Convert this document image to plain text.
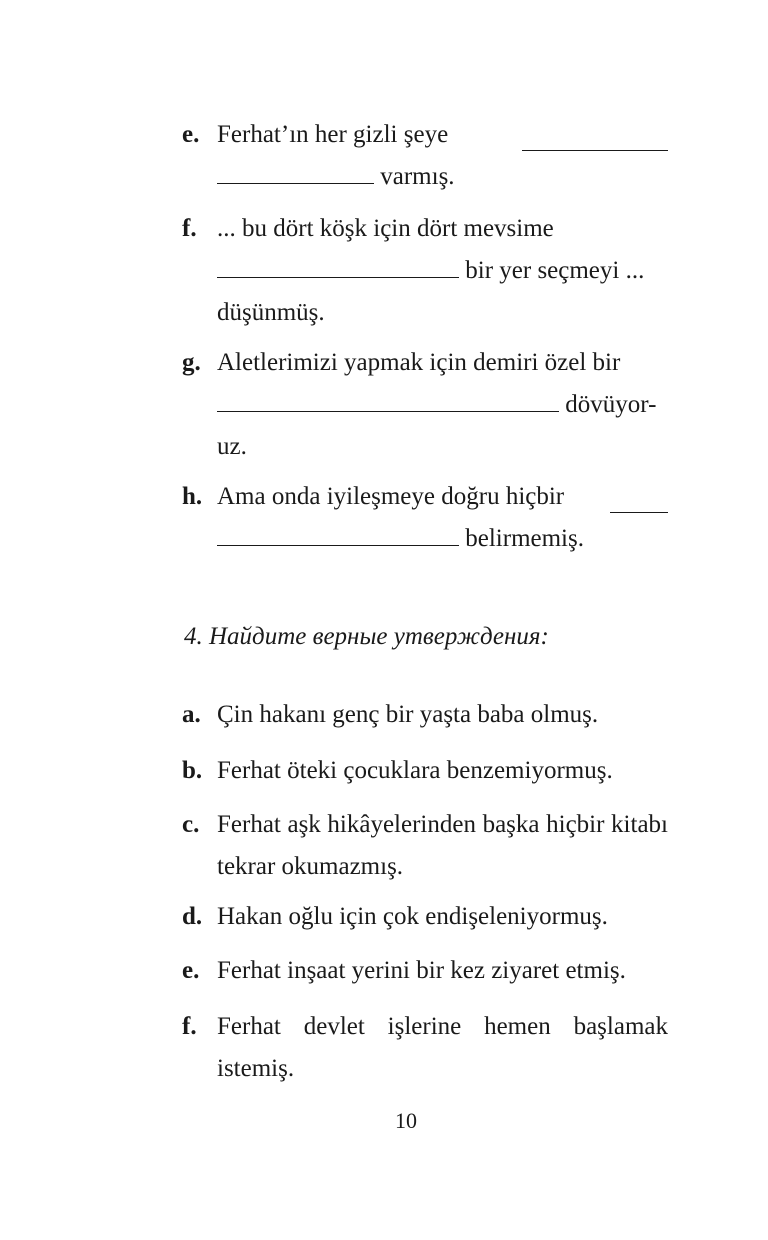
e. Ferhat’ın her gizli şeye
varmış.
f. ... bu dört köşk için dört mevsime
bir yer seçmeyi ...
düşünmüş.
g. Aletlerimizi yapmak için demiri özel bir
dövüyor-
uz.
h. Ama onda iyileşmeye doğru hiçbir
belirmemiş.
4. Найдите верные утверждения:
a. Çin hakanı genç bir yaşta baba olmuş.
b. Ferhat öteki çocuklara benzemiyormuş.
c. Ferhat aşk hikâyelerinden başka hiçbir kitabı tekrar okumazmış.
d. Hakan oğlu için çok endişeleniyormuş.
e. Ferhat inşaat yerini bir kez ziyaret etmiş.
f. Ferhat devlet işlerine hemen başlamak istemiş.
10
